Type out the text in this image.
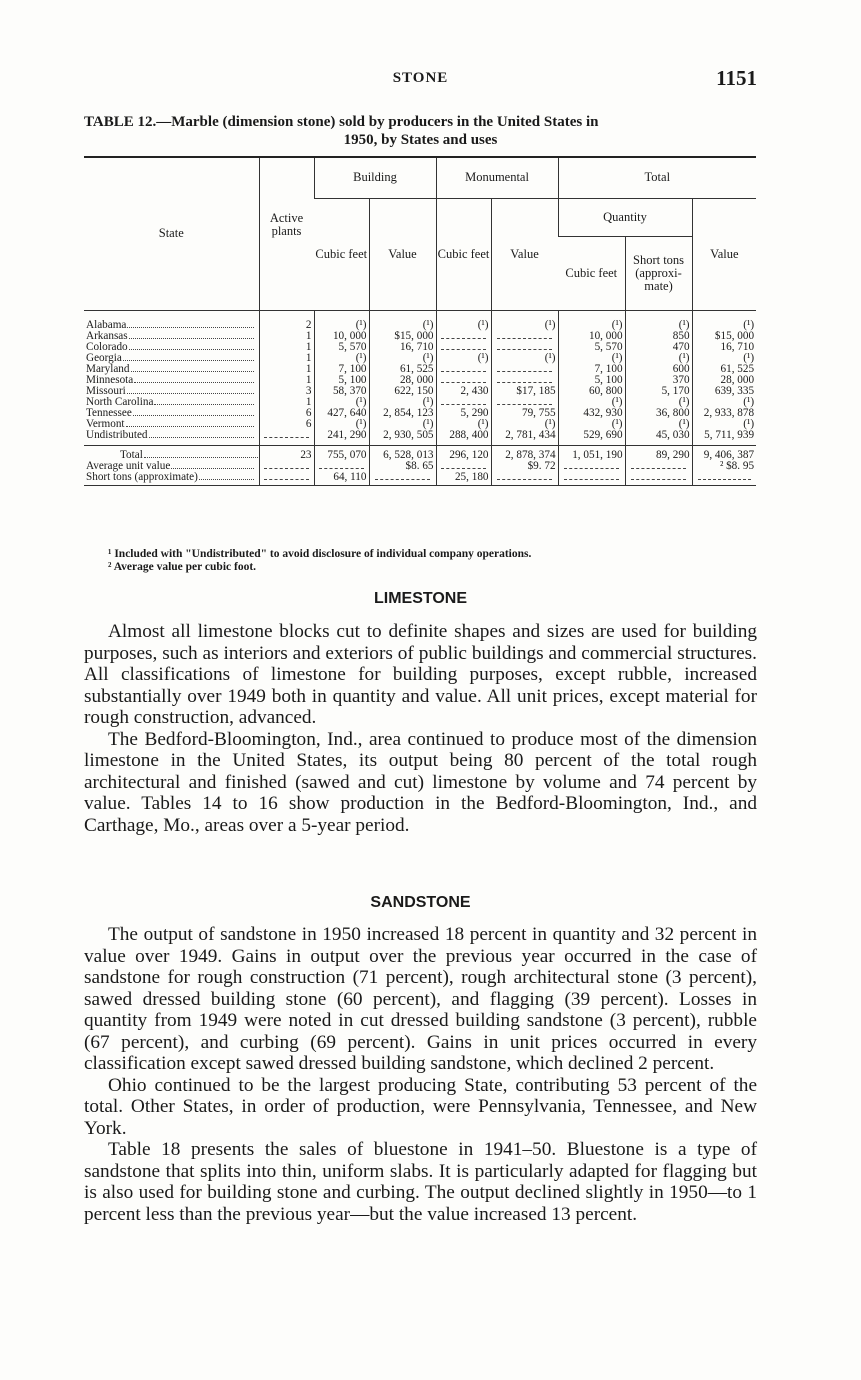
STONE	1151
TABLE 12.—Marble (dimension stone) sold by producers in the United States in
1950, by States and uses
State	Active plants	Building		Monumental		Total		
		Cubic feet	Value	Cubic feet	Value	Quantity		Value
						Cubic feet	Short tons (approxi-mate)	
Alabama	2	(¹)	(¹)	(¹)	(¹)	(¹)	(¹)	(¹)
Arkansas	1	10, 000	$15, 000			10, 000	850	$15, 000
Colorado	1	5, 570	16, 710			5, 570	470	16, 710
Georgia	1	(¹)	(¹)	(¹)	(¹)	(¹)	(¹)	(¹)
Maryland	1	7, 100	61, 525			7, 100	600	61, 525
Minnesota	1	5, 100	28, 000			5, 100	370	28, 000
Missouri	3	58, 370	622, 150	2, 430	$17, 185	60, 800	5, 170	639, 335
North Carolina	1	(¹)	(¹)			(¹)	(¹)	(¹)
Tennessee	6	427, 640	2, 854, 123	5, 290	79, 755	432, 930	36, 800	2, 933, 878
Vermont	6	(¹)	(¹)	(¹)	(¹)	(¹)	(¹)	(¹)
Undistributed		241, 290	2, 930, 505	288, 400	2, 781, 434	529, 690	45, 030	5, 711, 939
Total	23	755, 070	6, 528, 013	296, 120	2, 878, 374	1, 051, 190	89, 290	9, 406, 387
Average unit value			$8. 65		$9. 72			² $8. 95
Short tons (approximate)		64, 110		25, 180				
¹ Included with "Undistributed" to avoid disclosure of individual company operations.
² Average value per cubic foot.
LIMESTONE

Almost all limestone blocks cut to definite shapes and sizes are used for building purposes, such as interiors and exteriors of public buildings and commercial structures. All classifications of limestone for building purposes, except rubble, increased substantially over 1949 both in quantity and value. All unit prices, except material for rough construction, advanced.

The Bedford-Bloomington, Ind., area continued to produce most of the dimension limestone in the United States, its output being 80 percent of the total rough architectural and finished (sawed and cut) limestone by volume and 74 percent by value. Tables 14 to 16 show production in the Bedford-Bloomington, Ind., and Carthage, Mo., areas over a 5-year period.

SANDSTONE

The output of sandstone in 1950 increased 18 percent in quantity and 32 percent in value over 1949. Gains in output over the previous year occurred in the case of sandstone for rough construction (71 percent), rough architectural stone (3 percent), sawed dressed building stone (60 percent), and flagging (39 percent). Losses in quantity from 1949 were noted in cut dressed building sandstone (3 percent), rubble (67 percent), and curbing (69 percent). Gains in unit prices occurred in every classification except sawed dressed building sandstone, which declined 2 percent.

Ohio continued to be the largest producing State, contributing 53 percent of the total. Other States, in order of production, were Pennsylvania, Tennessee, and New York.

Table 18 presents the sales of bluestone in 1941–50. Bluestone is a type of sandstone that splits into thin, uniform slabs. It is particularly adapted for flagging but is also used for building stone and curbing. The output declined slightly in 1950—to 1 percent less than the previous year—but the value increased 13 percent.
